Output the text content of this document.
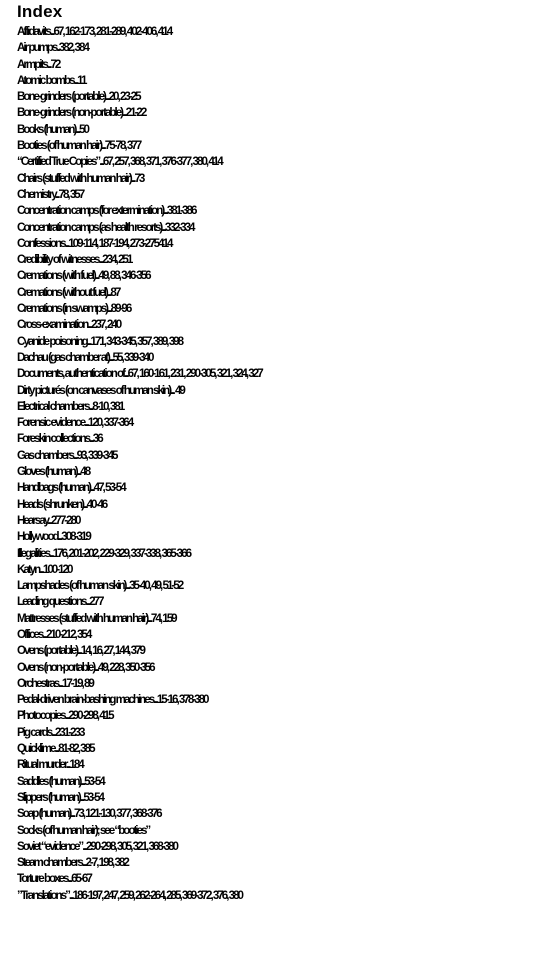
Index
Affidavits...67, 162-173, 281-289, 402-406, 414
Air pumps..382, 384
Armpits...72
Atomic bombs...11
Bone-grinders (portable)...20, 23-25
Bone-grinders (non-portable)...21-22
Books (human)...50
Booties (of human hair)...75-78, 377
“Certified True Copies”...67, 257, 368, 371, 376-377, 380, 414
Chairs (stuffed with human hair)...73
Chemistry...78, 357
Concentration camps (for extermination)...381-386
Concentration camps (as health resorts)...332-334
Confessions...109-114, 187-194, 273-275414
Credibility of witnesses...234, 251
Cremations (with fuel)...49, 88, 346-356
Cremations (without fuel)...87
Cremations (in swamps)...89-96
Cross-examination...237, 240
Cyanide poisoning...171, 343-345, 357, 389, 398
Dachau (gas chamber at)...55, 339-340
Documents, authentication of...67, 160-161, 231, 290-305, 321, 324, 327
Dirty picturés (on canvases of human skin)... 49
Electrical chambers...8-10, 381
Forensic evidence...120, 337-364
Foreskin collections...36
Gas chambers...93, 339-345
Gloves (human)...48
Handbags (human)...47, 53-54
Heads (shrunken)...40-46
Hearsay...277-280
Hollywood...308-319
Illegalities...176, 201-202, 229-329, 337-338, 365-366
Katyn...100-120
Lampshades (of human skin)...35-40, 49, 51-52
Leading questions...277
Mattresses (stuffed with human hair)...74, 159
Offices...210-212, 354
Ovens (portable)...14, 16, 27, 144, 379
Ovens (non-portable)...49, 228, 350-356
Orchestras...17-19, 89
Pedal-driven brain-bashing machines...15-16, 378-380
Photocopies...290-298, 415
Pig cards...231-233
Quicklime...81-82, 385
Ritual murder...184
Saddles (human)...53-54
Slippers (human)...53-54
Soap (human)...73, 121-130, 377, 368-376
Socks (of human hair); see “booties”
Soviet “evidence”...290-298, 305, 321, 368-380
Steam chambers...2-7, 198, 382
Torture boxes...65-67
”Translations”...186-197, 247, 259, 262-264, 285, 369-372, 376, 380
